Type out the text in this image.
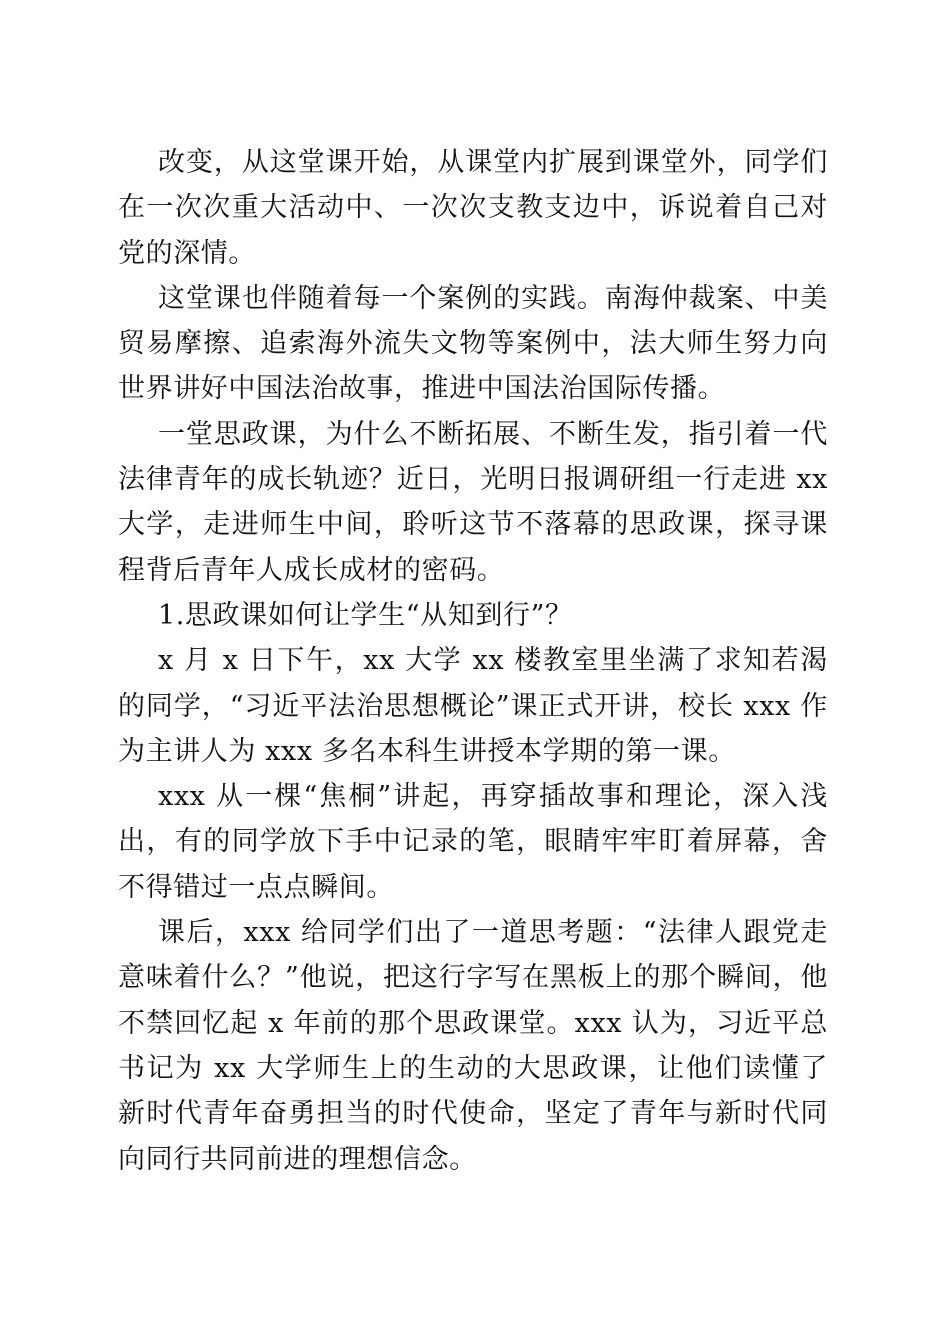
改变，从这堂课开始，从课堂内扩展到课堂外，同学们在一次次重大活动中、一次次支教支边中，诉说着自己对党的深情。

这堂课也伴随着每一个案例的实践。南海仲裁案、中美贸易摩擦、追索海外流失文物等案例中，法大师生努力向世界讲好中国法治故事，推进中国法治国际传播。

一堂思政课，为什么不断拓展、不断生发，指引着一代法律青年的成长轨迹？近日，光明日报调研组一行走进 xx 大学，走进师生中间，聆听这节不落幕的思政课，探寻课程背后青年人成长成材的密码。

1.思政课如何让学生“从知到行”？

x 月 x 日下午，xx 大学 xx 楼教室里坐满了求知若渴的同学，“习近平法治思想概论”课正式开讲，校长 xxx 作为主讲人为 xxx 多名本科生讲授本学期的第一课。

xxx 从一棵“焦桐”讲起，再穿插故事和理论，深入浅出，有的同学放下手中记录的笔，眼睛牢牢盯着屏幕，舍不得错过一点点瞬间。

课后，xxx 给同学们出了一道思考题：“法律人跟党走意味着什么？”他说，把这行字写在黑板上的那个瞬间，他不禁回忆起 x 年前的那个思政课堂。xxx 认为，习近平总书记为 xx 大学师生上的生动的大思政课，让他们读懂了新时代青年奋勇担当的时代使命，坚定了青年与新时代同向同行共同前进的理想信念。
